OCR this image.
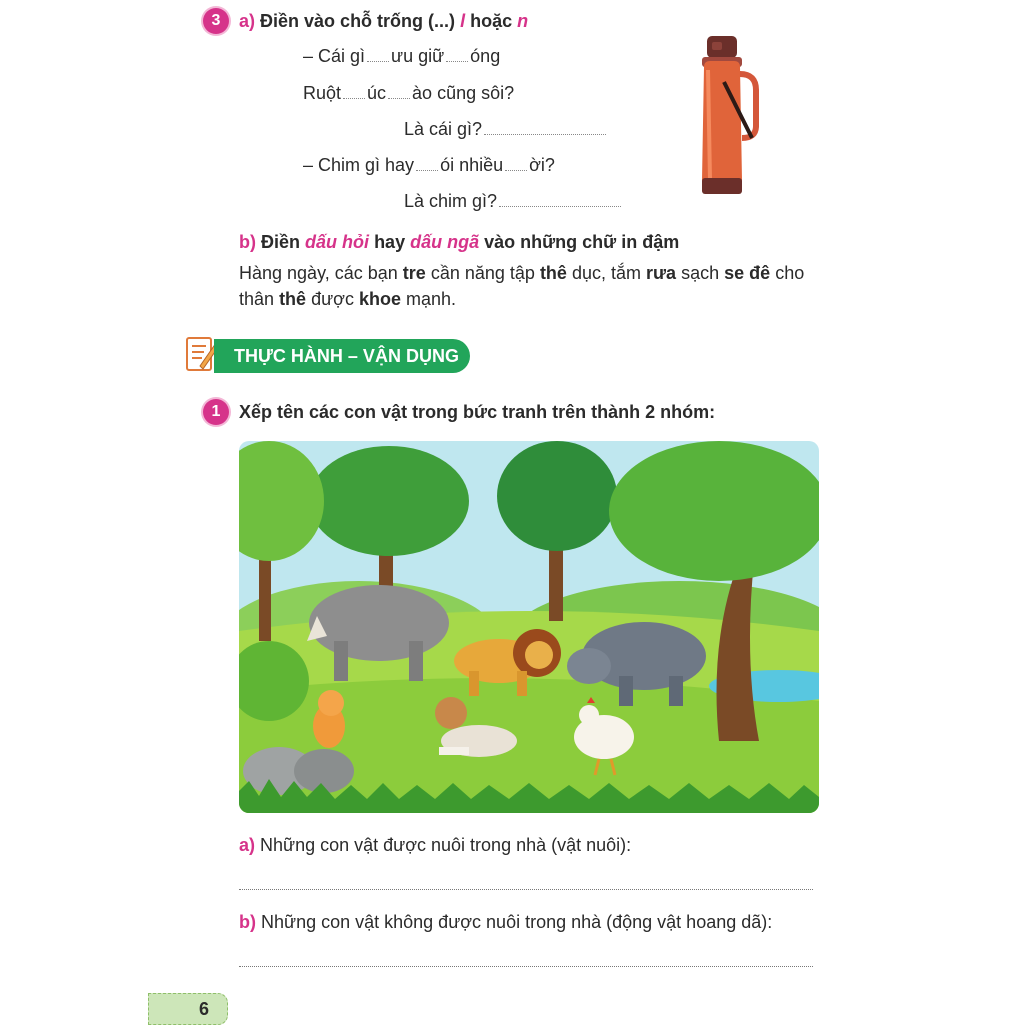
3	a) Điền vào chỗ trống (...) l hoặc n
– Cái gì ưu giữ óng
Ruột úc ào cũng sôi?
Là cái gì?
– Chim gì hay ói nhiều ời?
Là chim gì?
b) Điền dấu hỏi hay dấu ngã vào những chữ in đậm
Hàng ngày, các bạn tre cần năng tập thê dục, tắm rưa sạch se đê cho thân thê được khoe mạnh.
THỰC HÀNH – VẬN DỤNG
1	Xếp tên các con vật trong bức tranh trên thành 2 nhóm:
a) Những con vật được nuôi trong nhà (vật nuôi):
b) Những con vật không được nuôi trong nhà (động vật hoang dã):
6
